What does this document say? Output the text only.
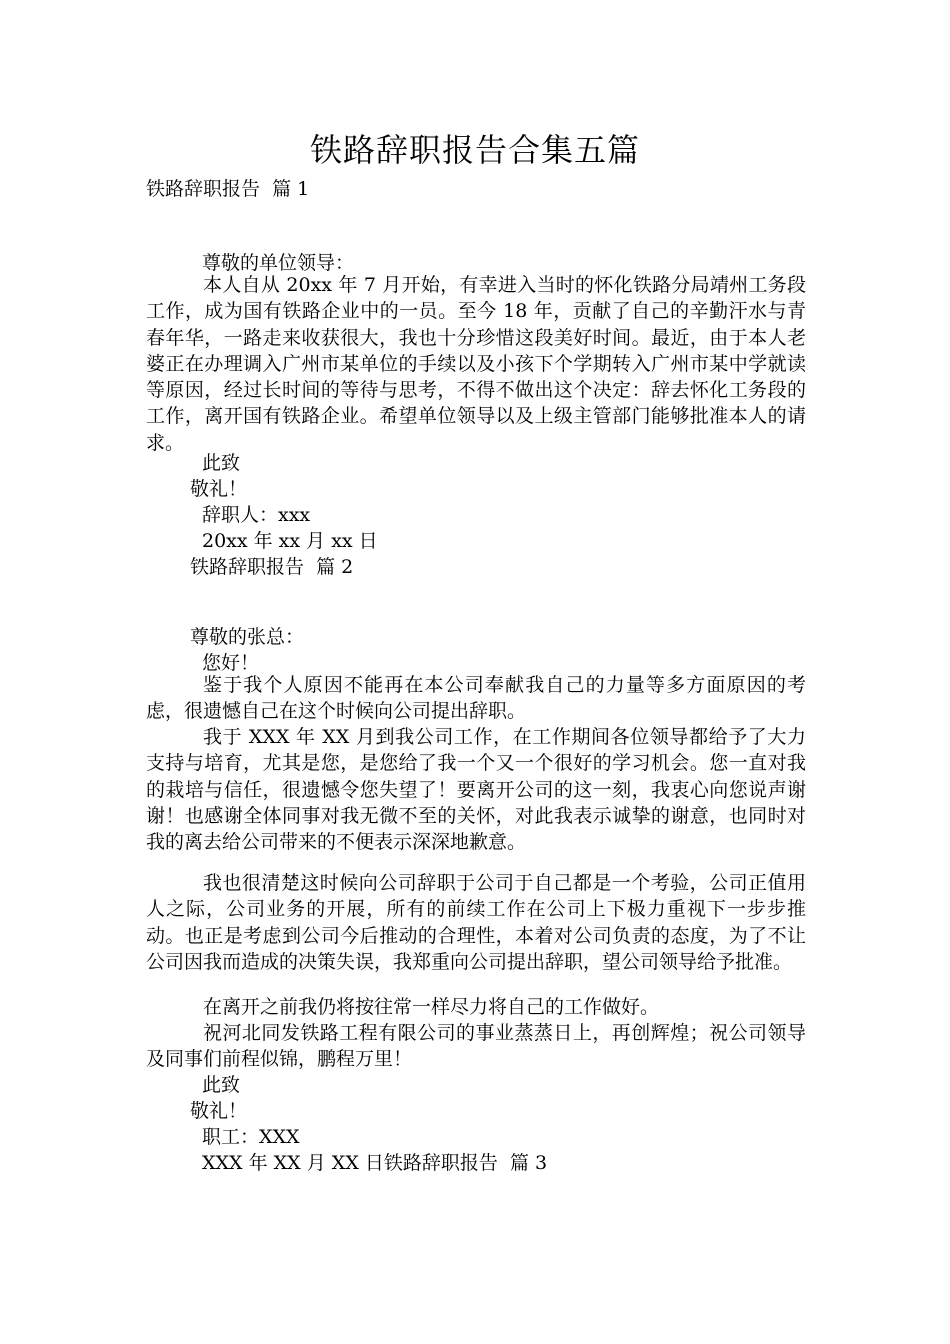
铁路辞职报告合集五篇
铁路辞职报告  篇 1
尊敬的单位领导：
本人自从 20xx 年 7 月开始，有幸进入当时的怀化铁路分局靖州工务段工作，成为国有铁路企业中的一员。至今 18 年，贡献了自己的辛勤汗水与青春年华，一路走来收获很大，我也十分珍惜这段美好时间。最近，由于本人老婆正在办理调入广州市某单位的手续以及小孩下个学期转入广州市某中学就读等原因，经过长时间的等待与思考，不得不做出这个决定：辞去怀化工务段的工作，离开国有铁路企业。希望单位领导以及上级主管部门能够批准本人的请求。
此致
敬礼！
辞职人：xxx
20xx 年 xx 月 xx 日
铁路辞职报告  篇 2
尊敬的张总：
您好！
鉴于我个人原因不能再在本公司奉献我自己的力量等多方面原因的考虑，很遗憾自己在这个时候向公司提出辞职。
我于 XXX 年 XX 月到我公司工作，在工作期间各位领导都给予了大力支持与培育，尤其是您，是您给了我一个又一个很好的学习机会。您一直对我的栽培与信任，很遗憾令您失望了！要离开公司的这一刻，我衷心向您说声谢谢！也感谢全体同事对我无微不至的关怀，对此我表示诚挚的谢意，也同时对我的离去给公司带来的不便表示深深地歉意。
我也很清楚这时候向公司辞职于公司于自己都是一个考验，公司正值用人之际，公司业务的开展，所有的前续工作在公司上下极力重视下一步步推动。也正是考虑到公司今后推动的合理性，本着对公司负责的态度，为了不让公司因我而造成的决策失误，我郑重向公司提出辞职，望公司领导给予批准。
在离开之前我仍将按往常一样尽力将自己的工作做好。
祝河北同发铁路工程有限公司的事业蒸蒸日上，再创辉煌；祝公司领导及同事们前程似锦，鹏程万里！
此致
敬礼！
职工：XXX
XXX 年 XX 月 XX 日铁路辞职报告  篇 3
